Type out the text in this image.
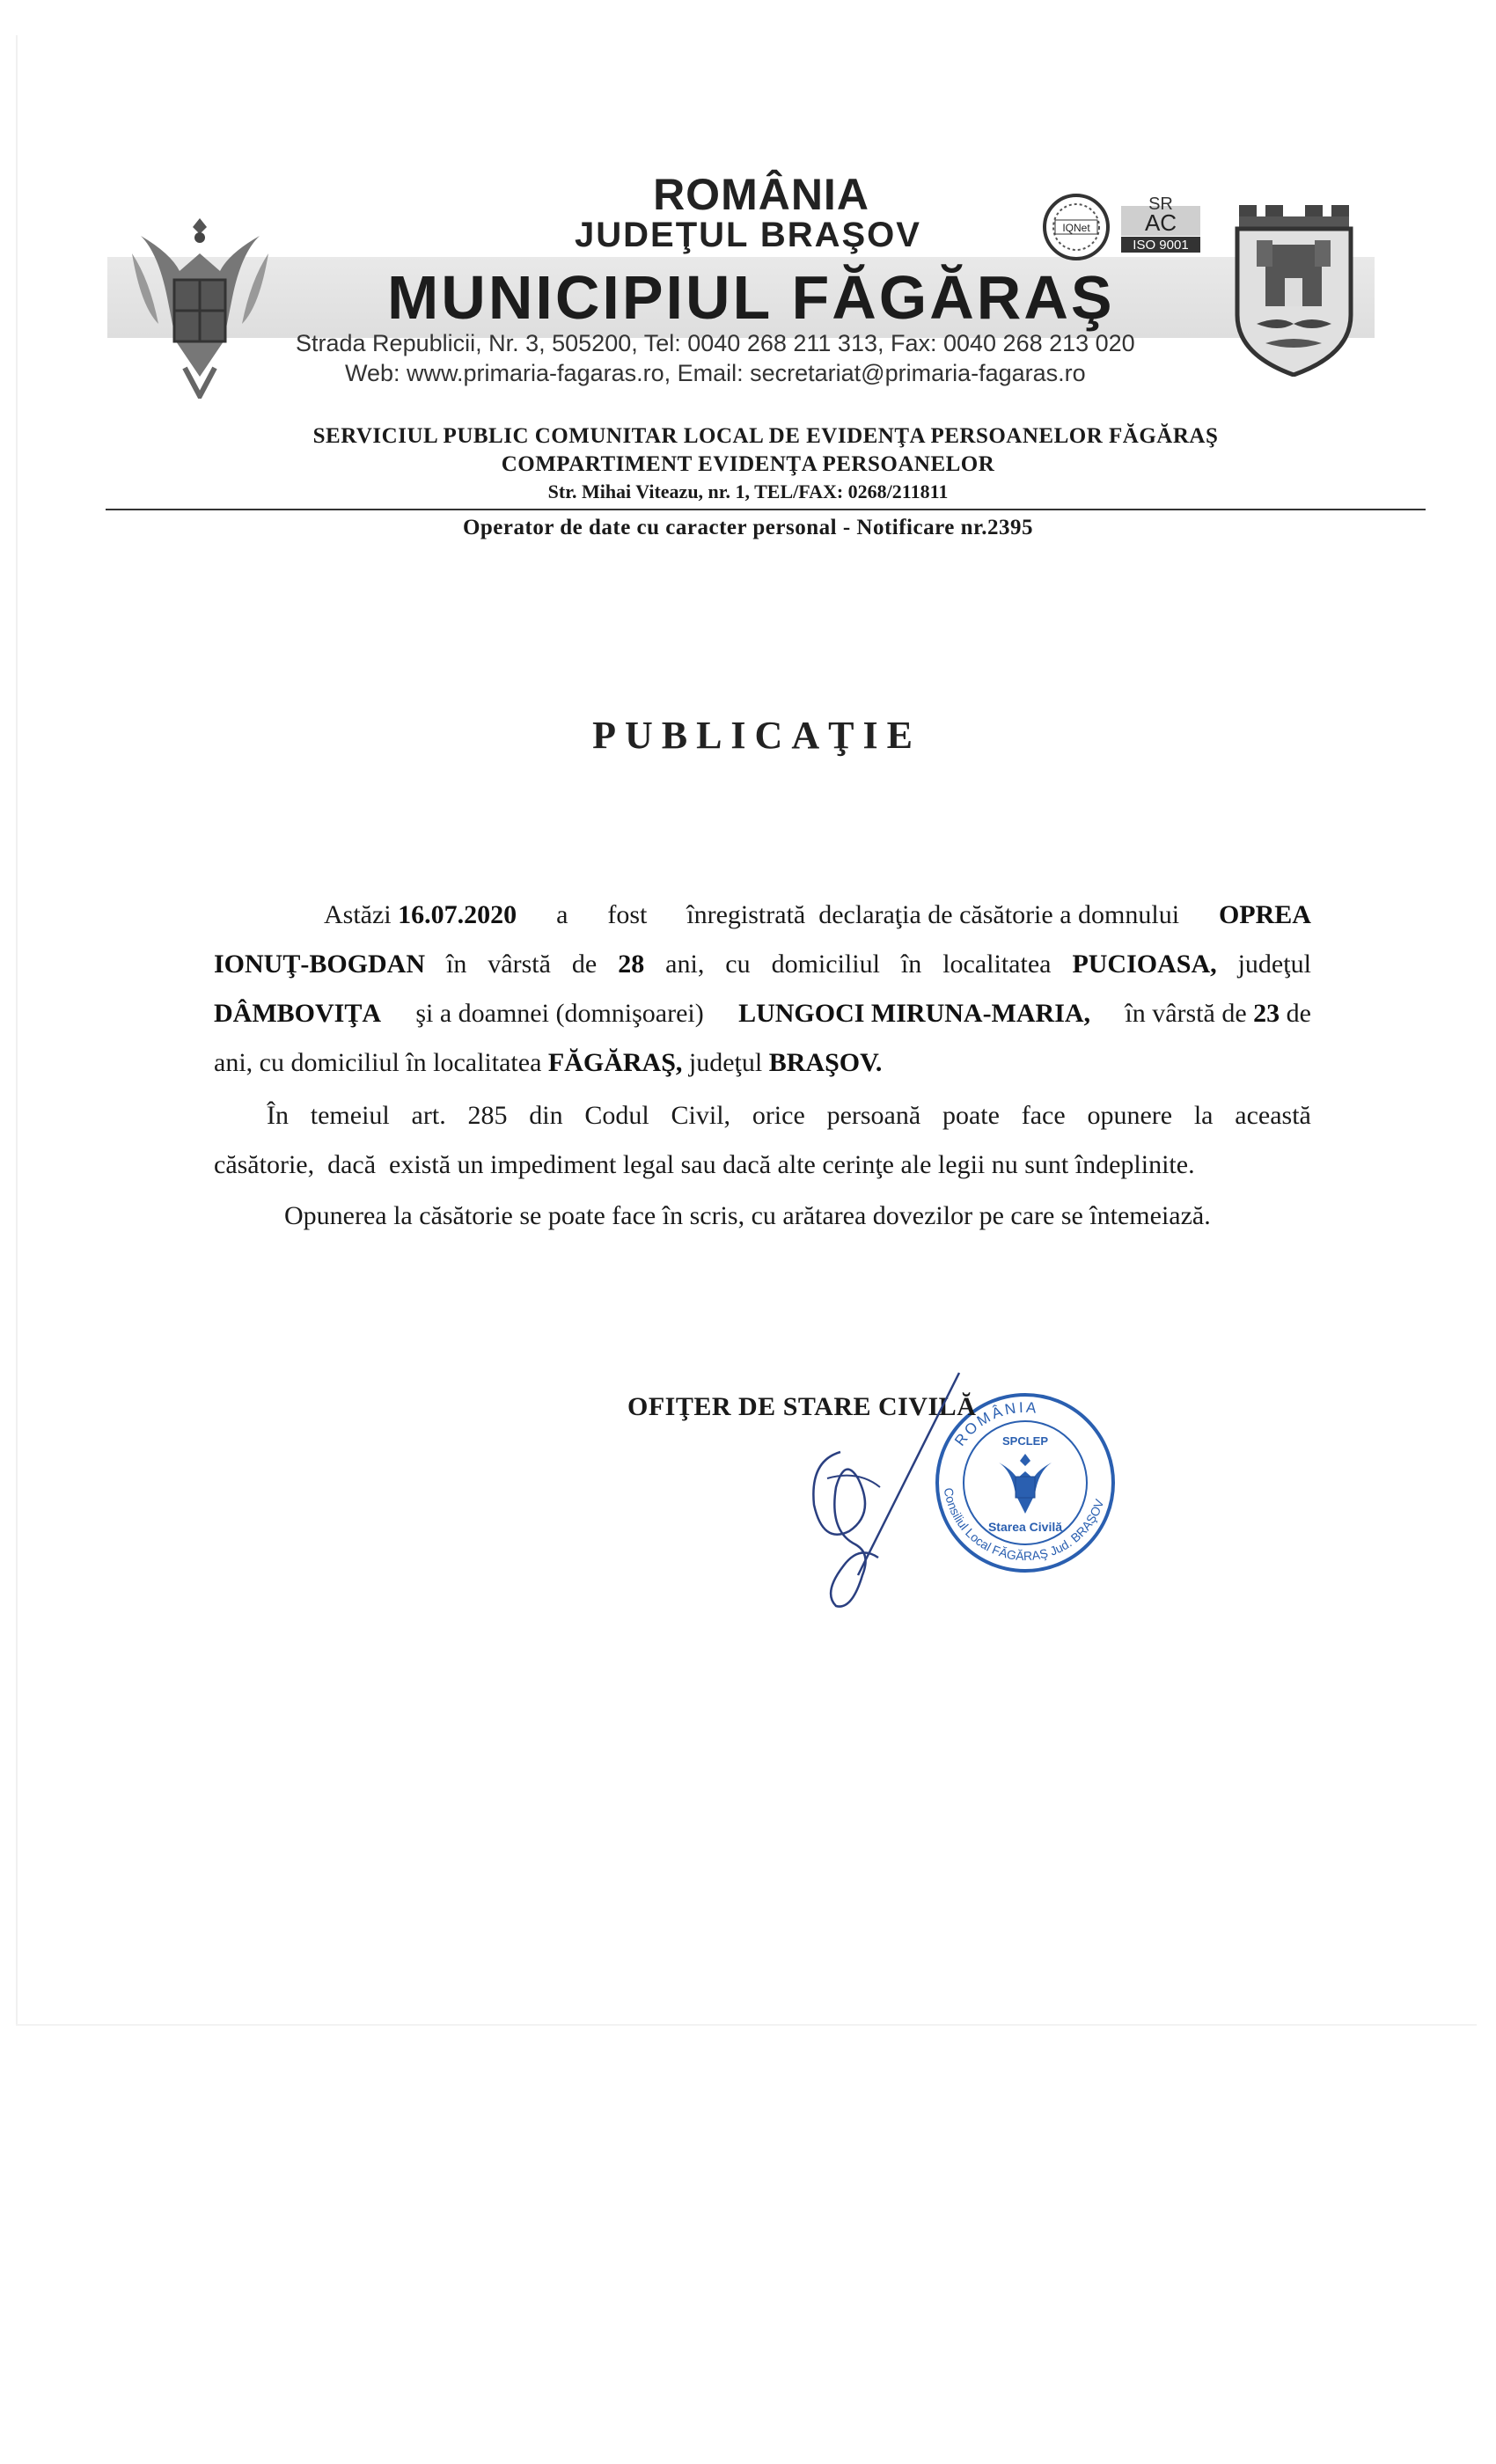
ROMÂNIA
JUDEŢUL BRAŞOV	IQNet
SR
AC
ISO 9001
MUNICIPIUL FĂGĂRAŞ
Strada Republicii, Nr. 3, 505200, Tel: 0040 268 211 313, Fax: 0040 268 213 020
Web: www.primaria-fagaras.ro, Email: secretariat@primaria-fagaras.ro
SERVICIUL PUBLIC COMUNITAR LOCAL DE EVIDENŢA PERSOANELOR FĂGĂRAŞ
COMPARTIMENT EVIDENŢA PERSOANELOR
Str. Mihai Viteazu, nr. 1, TEL/FAX: 0268/211811
Operator de date cu caracter personal - Notificare nr.2395
PUBLICAŢIE
Astăzi 16.07.2020 a fost înregistrată  declaraţia de căsătorie a domnului OPREA
IONUŢ-BOGDAN în vârstă de 28 ani, cu domiciliul în localitatea PUCIOASA, judeţul
DÂMBOVIŢA şi a doamnei (domnişoarei) LUNGOCI MIRUNA-MARIA, în vârstă de 23 de
ani, cu domiciliul în localitatea FĂGĂRAŞ, judeţul BRAŞOV.
În temeiul art. 285 din Codul Civil, orice persoană poate face opunere la această
căsătorie,  dacă  există un impediment legal sau dacă alte cerinţe ale legii nu sunt îndeplinite.
Opunerea la căsătorie se poate face în scris, cu arătarea dovezilor pe care se întemeiază.
ROMÂNIA
Consiliul Local FĂGĂRAŞ Jud. BRAŞOV
SPCLEP
Starea Civilă
OFIŢER DE STARE CIVILĂ
